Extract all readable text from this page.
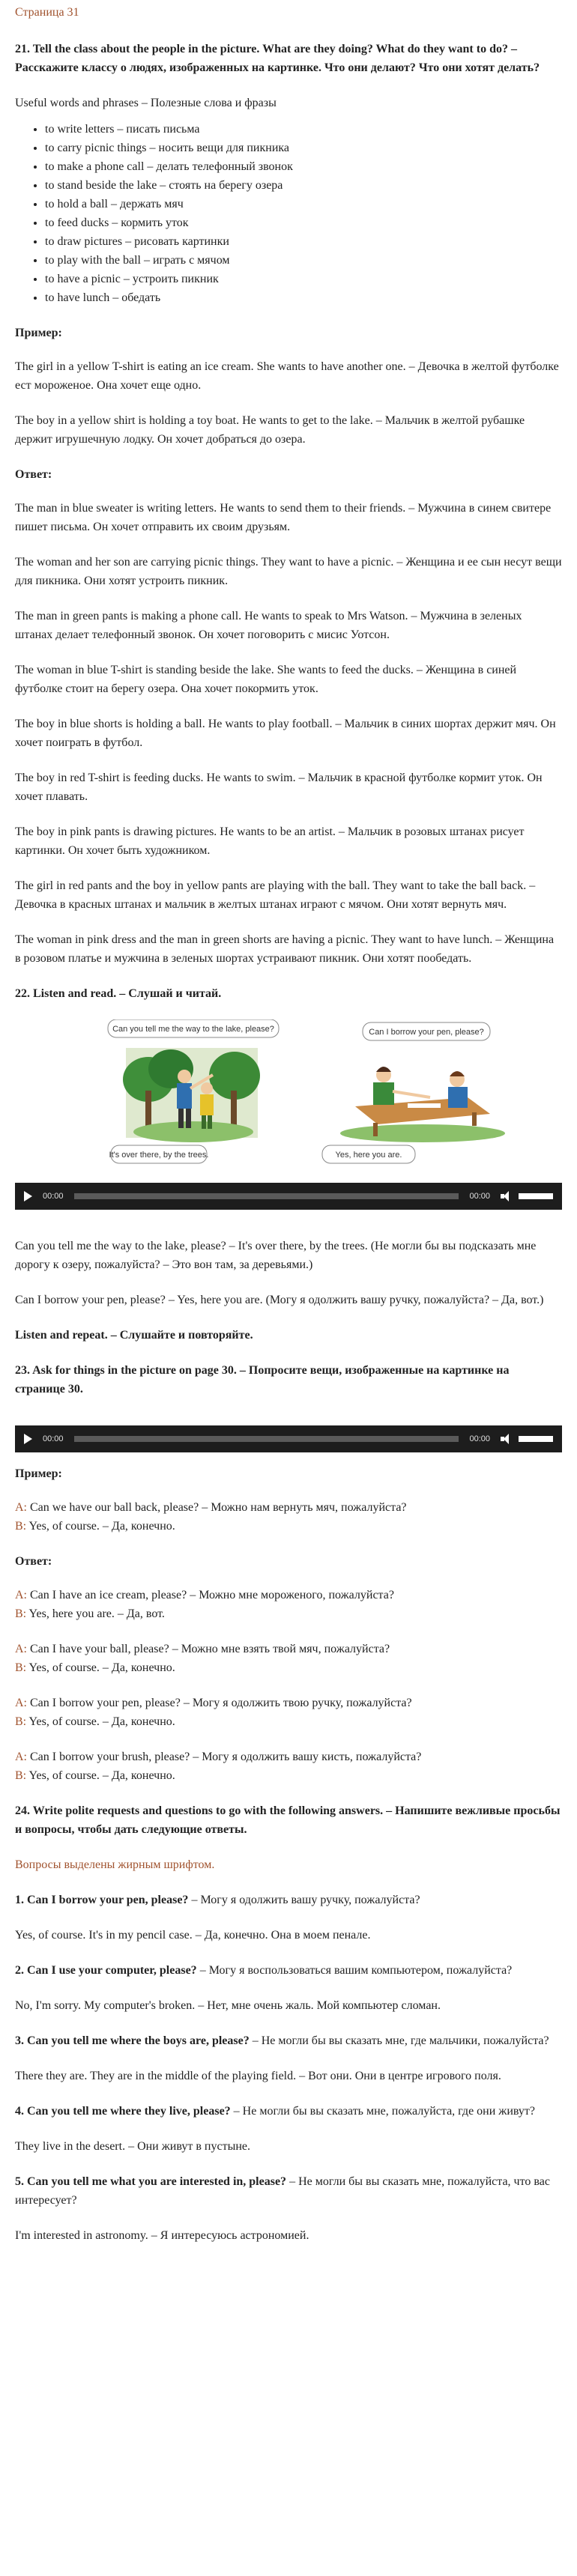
Страница 31

21. Tell the class about the people in the picture. What are they doing? What do they want to do? – Расскажите классу о людях, изображенных на картинке. Что они делают? Что они хотят делать?

Useful words and phrases – Полезные слова и фразы

• to write letters – писать письма
• to carry picnic things – носить вещи для пикника
• to make a phone call – делать телефонный звонок
• to stand beside the lake – стоять на берегу озера
• to hold a ball – держать мяч
• to feed ducks – кормить уток
• to draw pictures – рисовать картинки
• to play with the ball – играть с мячом
• to have a picnic – устроить пикник
• to have lunch – обедать

Пример:

The girl in a yellow T-shirt is eating an ice cream. She wants to have another one. – Девочка в желтой футболке ест мороженое. Она хочет еще одно.

The boy in a yellow shirt is holding a toy boat. He wants to get to the lake. – Мальчик в желтой рубашке держит игрушечную лодку. Он хочет добраться до озера.

Ответ:

The man in blue sweater is writing letters. He wants to send them to their friends. – Мужчина в синем свитере пишет письма. Он хочет отправить их своим друзьям.

The woman and her son are carrying picnic things. They want to have a picnic. – Женщина и ее сын несут вещи для пикника. Они хотят устроить пикник.

The man in green pants is making a phone call. He wants to speak to Mrs Watson. – Мужчина в зеленых штанах делает телефонный звонок. Он хочет поговорить с мисис Уотсон.

The woman in blue T-shirt is standing beside the lake. She wants to feed the ducks. – Женщина в синей футболке стоит на берегу озера. Она хочет покормить уток.

The boy in blue shorts is holding a ball. He wants to play football. – Мальчик в синих шортах держит мяч. Он хочет поиграть в футбол.

The boy in red T-shirt is feeding ducks. He wants to swim. – Мальчик в красной футболке кормит уток. Он хочет плавать.

The boy in pink pants is drawing pictures. He wants to be an artist. – Мальчик в розовых штанах рисует картинки. Он хочет быть художником.

The girl in red pants and the boy in yellow pants are playing with the ball. They want to take the ball back. – Девочка в красных штанах и мальчик в желтых штанах играют с мячом. Они хотят вернуть мяч.

The woman in pink dress and the man in green shorts are having a picnic. They want to have lunch. – Женщина в розовом платье и мужчина в зеленых шортах устраивают пикник. Они хотят пообедать.

22. Listen and read. – Слушай и читай.

Can you tell me the way to the lake, please?
It's over there, by the trees.
Can I borrow your pen, please?
Yes, here you are.
00:00	00:00

Can you tell me the way to the lake, please? – It's over there, by the trees. (Не могли бы вы подсказать мне дорогу к озеру, пожалуйста? – Это вон там, за деревьями.)

Can I borrow your pen, please? – Yes, here you are. (Могу я одолжить вашу ручку, пожалуйста? – Да, вот.)

Listen and repeat. – Слушайте и повторяйте.

23. Ask for things in the picture on page 30. – Попросите вещи, изображенные на картинке на странице 30.

00:00	00:00

Пример:

A: Can we have our ball back, please? – Можно нам вернуть мяч, пожалуйста?
B: Yes, of course. – Да, конечно.

Ответ:

A: Can I have an ice cream, please? – Можно мне мороженого, пожалуйста?
B: Yes, here you are. – Да, вот.

A: Can I have your ball, please? – Можно мне взять твой мяч, пожалуйста?
B: Yes, of course. – Да, конечно.

A: Can I borrow your pen, please? – Могу я одолжить твою ручку, пожалуйста?
B: Yes, of course. – Да, конечно.

A: Can I borrow your brush, please? – Могу я одолжить вашу кисть, пожалуйста?
B: Yes, of course. – Да, конечно.

24. Write polite requests and questions to go with the following answers. – Напишите вежливые просьбы и вопросы, чтобы дать следующие ответы.

Вопросы выделены жирным шрифтом.

1. Can I borrow your pen, please? – Могу я одолжить вашу ручку, пожалуйста?

Yes, of course. It's in my pencil case. – Да, конечно. Она в моем пенале.

2. Can I use your computer, please? – Могу я воспользоваться вашим компьютером, пожалуйста?

No, I'm sorry. My computer's broken. – Нет, мне очень жаль. Мой компьютер сломан.

3. Can you tell me where the boys are, please? – Не могли бы вы сказать мне, где мальчики, пожалуйста?

There they are. They are in the middle of the playing field. – Вот они. Они в центре игрового поля.

4. Can you tell me where they live, please? – Не могли бы вы сказать мне, пожалуйста, где они живут?

They live in the desert. – Они живут в пустыне.

5. Can you tell me what you are interested in, please? – Не могли бы вы сказать мне, пожалуйста, что вас интересует?

I'm interested in astronomy. – Я интересуюсь астрономией.
